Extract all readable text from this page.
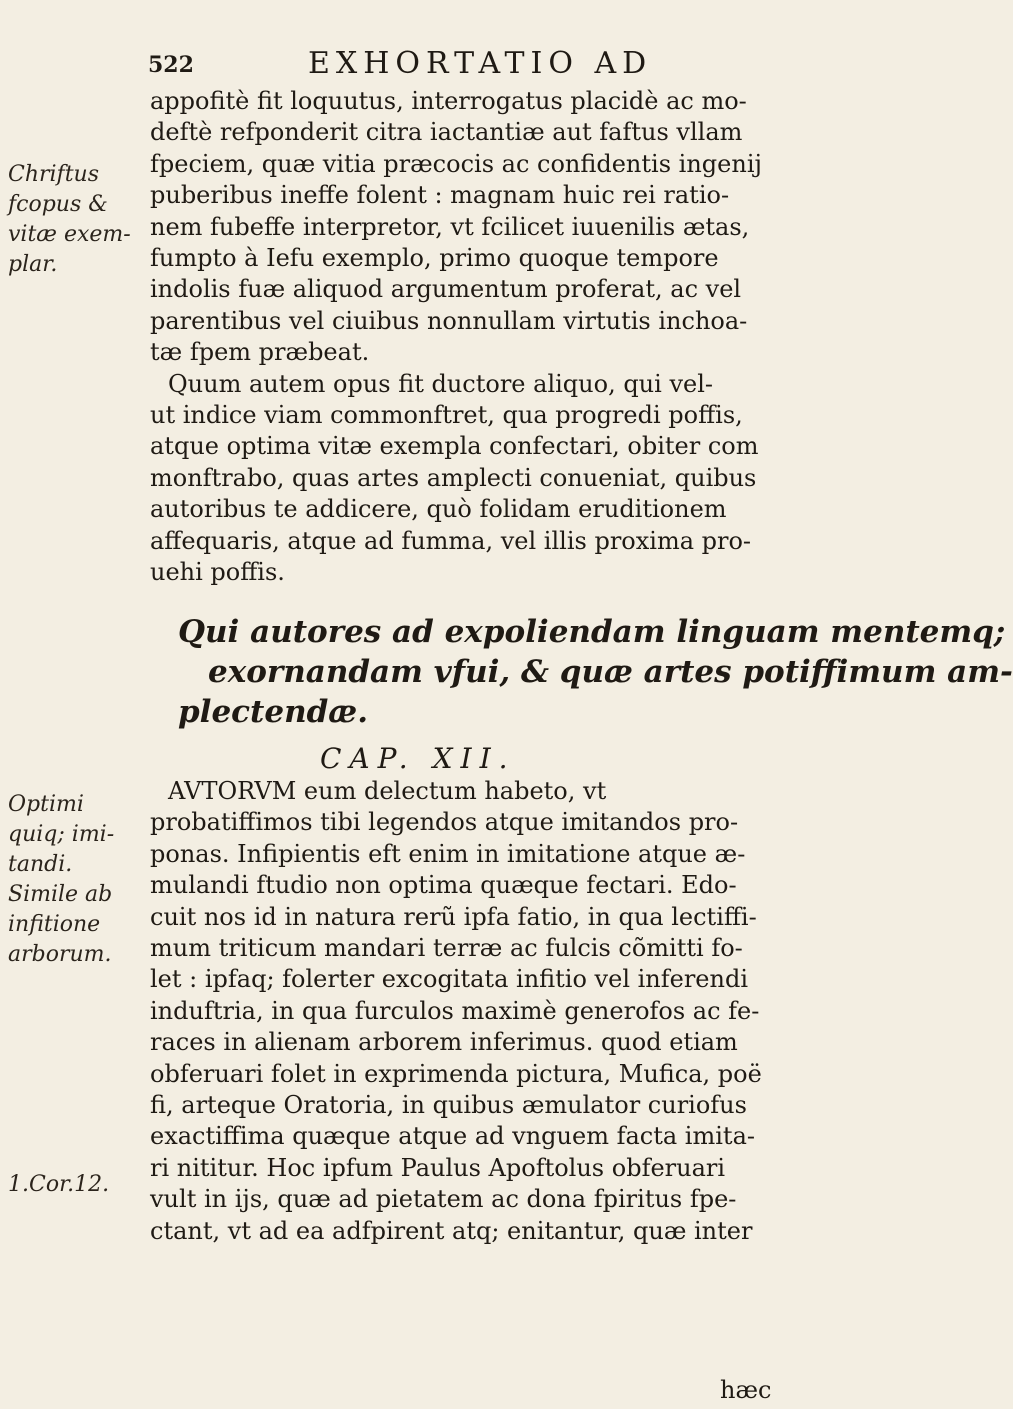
522	EXHORTATIO AD
Chriftus
fcopus &
vitæ exem-
plar.
appofitè fit loquutus, interrogatus placidè ac mo-
deftè refponderit citra iactantiæ aut faftus vllam
fpeciem, quæ vitia præcocis ac confidentis ingenij
puberibus ineffe folent : magnam huic rei ratio-
nem fubeffe interpretor, vt fcilicet iuuenilis ætas,
fumpto à Iefu exemplo, primo quoque tempore
indolis fuæ aliquod argumentum proferat, ac vel
parentibus vel ciuibus nonnullam virtutis inchoa-
tæ fpem præbeat.
Quum autem opus fit ductore aliquo, qui vel-
ut indice viam commonftret, qua progredi poffis,
atque optima vitæ exempla confectari, obiter com
monftrabo, quas artes amplecti conueniat, quibus
autoribus te addicere, quò folidam eruditionem
affequaris, atque ad fumma, vel illis proxima pro-
uehi poffis.
Qui autores ad expoliendam linguam mentemq;
exornandam vfui, & quæ artes potiffimum am-
plectendæ.
CAP. XII.
Optimi
quiq; imi-
tandi.
Simile ab
infitione
arborum.
AVTORVM eum delectum habeto, vt
probatiffimos tibi legendos atque imitandos pro-
ponas. Infipientis eft enim in imitatione atque æ-
mulandi ftudio non optima quæque fectari. Edo-
cuit nos id in natura rerũ ipfa fatio, in qua lectiffi-
mum triticum mandari terræ ac fulcis cõmitti fo-
let : ipfaq; folerter excogitata infitio vel inferendi
induftria, in qua furculos maximè generofos ac fe-
races in alienam arborem inferimus. quod etiam
obferuari folet in exprimenda pictura, Mufica, poë
fi, arteque Oratoria, in quibus æmulator curiofus
exactiffima quæque atque ad vnguem facta imita-
ri nititur. Hoc ipfum Paulus Apoftolus obferuari
vult in ijs, quæ ad pietatem ac dona fpiritus fpe-
ctant, vt ad ea adfpirent atq; enitantur, quæ inter
1.Cor.12.
hæc
